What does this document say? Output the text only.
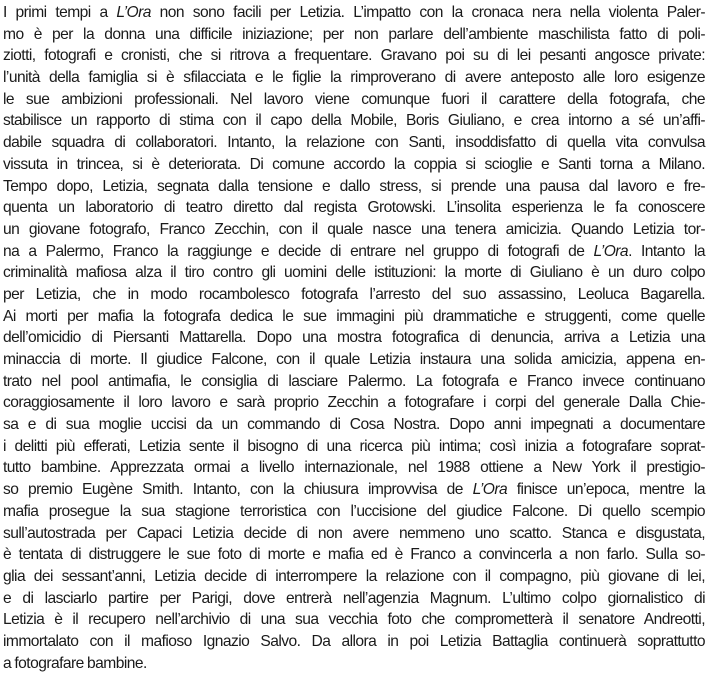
I primi tempi a L’Ora non sono facili per Letizia. L’impatto con la cronaca nera nella violenta Paler-
mo è per la donna una difficile iniziazione; per non parlare dell’ambiente maschilista fatto di poli-
ziotti, fotografi e cronisti, che si ritrova a frequentare. Gravano poi su di lei pesanti angosce private:
l’unità della famiglia si è sfilacciata e le figlie la rimproverano di avere anteposto alle loro esigenze
le sue ambizioni professionali. Nel lavoro viene comunque fuori il carattere della fotografa, che
stabilisce un rapporto di stima con il capo della Mobile, Boris Giuliano, e crea intorno a sé un’affi-
dabile squadra di collaboratori. Intanto, la relazione con Santi, insoddisfatto di quella vita convulsa
vissuta in trincea, si è deteriorata. Di comune accordo la coppia si scioglie e Santi torna a Milano.
Tempo dopo, Letizia, segnata dalla tensione e dallo stress, si prende una pausa dal lavoro e fre-
quenta un laboratorio di teatro diretto dal regista Grotowski. L’insolita esperienza le fa conoscere
un giovane fotografo, Franco Zecchin, con il quale nasce una tenera amicizia. Quando Letizia tor-
na a Palermo, Franco la raggiunge e decide di entrare nel gruppo di fotografi de L’Ora. Intanto la
criminalità mafiosa alza il tiro contro gli uomini delle istituzioni: la morte di Giuliano è un duro colpo
per Letizia, che in modo rocambolesco fotografa l’arresto del suo assassino, Leoluca Bagarella.
Ai morti per mafia la fotografa dedica le sue immagini più drammatiche e struggenti, come quelle
dell’omicidio di Piersanti Mattarella. Dopo una mostra fotografica di denuncia, arriva a Letizia una
minaccia di morte. Il giudice Falcone, con il quale Letizia instaura una solida amicizia, appena en-
trato nel pool antimafia, le consiglia di lasciare Palermo. La fotografa e Franco invece continuano
coraggiosamente il loro lavoro e sarà proprio Zecchin a fotografare i corpi del generale Dalla Chie-
sa e di sua moglie uccisi da un commando di Cosa Nostra. Dopo anni impegnati a documentare
i delitti più efferati, Letizia sente il bisogno di una ricerca più intima; così inizia a fotografare soprat-
tutto bambine. Apprezzata ormai a livello internazionale, nel 1988 ottiene a New York il prestigio-
so premio Eugène Smith. Intanto, con la chiusura improvvisa de L’Ora finisce un’epoca, mentre la
mafia prosegue la sua stagione terroristica con l’uccisione del giudice Falcone. Di quello scempio
sull’autostrada per Capaci Letizia decide di non avere nemmeno uno scatto. Stanca e disgustata,
è tentata di distruggere le sue foto di morte e mafia ed è Franco a convincerla a non farlo. Sulla so-
glia dei sessant’anni, Letizia decide di interrompere la relazione con il compagno, più giovane di lei,
e di lasciarlo partire per Parigi, dove entrerà nell’agenzia Magnum. L’ultimo colpo giornalistico di
Letizia è il recupero nell’archivio di una sua vecchia foto che comprometterà il senatore Andreotti,
immortalato con il mafioso Ignazio Salvo. Da allora in poi Letizia Battaglia continuerà soprattutto
a fotografare bambine.
